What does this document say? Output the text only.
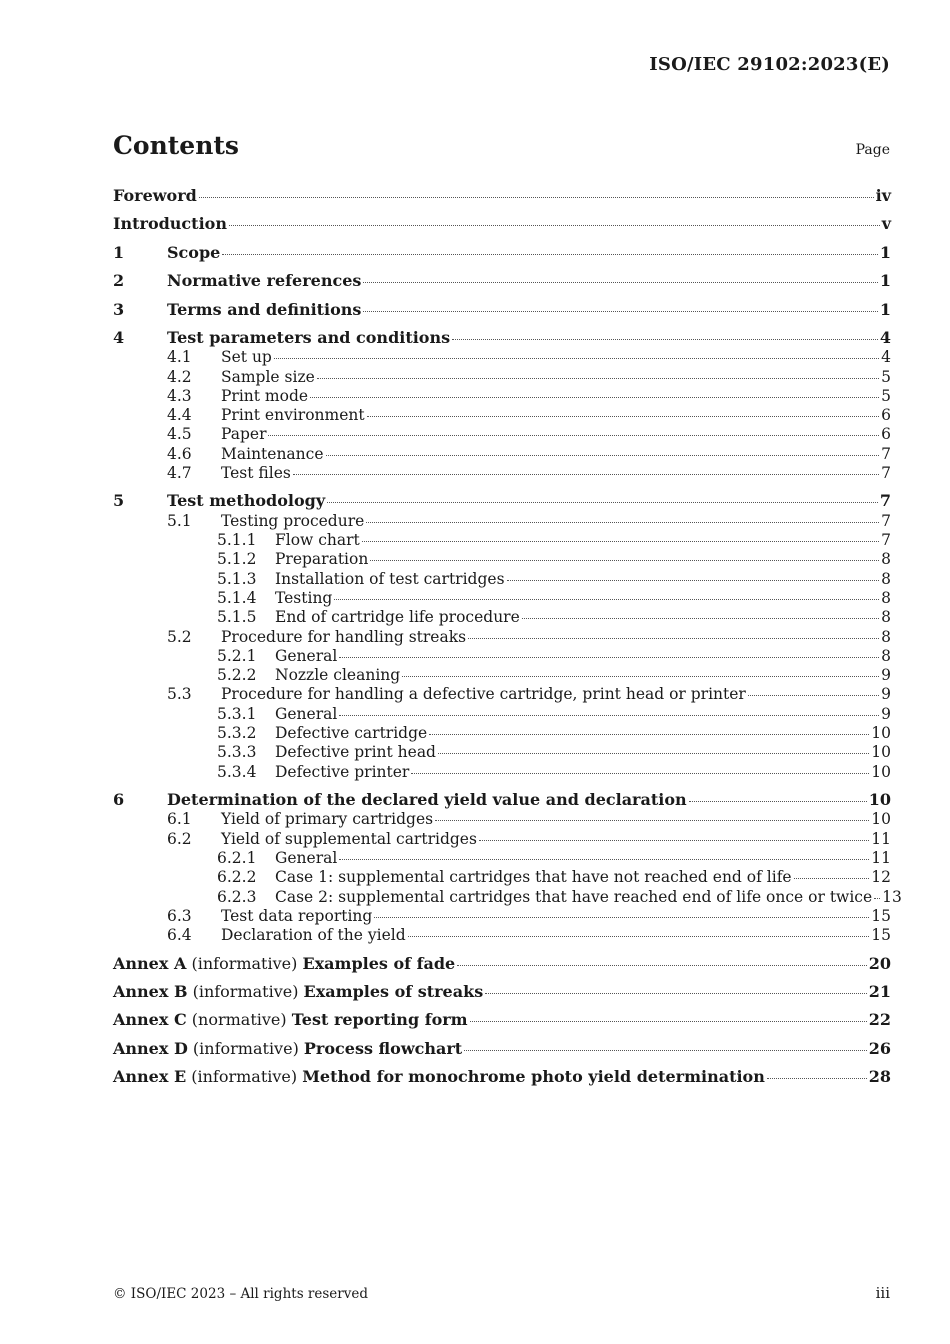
ISO/IEC 29102:2023(E)
Contents	Page
Foreword	iv
Introduction	v
1	Scope	1
2	Normative references	1
3	Terms and definitions	1
4	Test parameters and conditions	4
4.1	Set up	4
4.2	Sample size	5
4.3	Print mode	5
4.4	Print environment	6
4.5	Paper	6
4.6	Maintenance	7
4.7	Test files	7
5	Test methodology	7
5.1	Testing procedure	7
5.1.1	Flow chart	7
5.1.2	Preparation	8
5.1.3	Installation of test cartridges	8
5.1.4	Testing	8
5.1.5	End of cartridge life procedure	8
5.2	Procedure for handling streaks	8
5.2.1	General	8
5.2.2	Nozzle cleaning	9
5.3	Procedure for handling a defective cartridge, print head or printer	9
5.3.1	General	9
5.3.2	Defective cartridge	10
5.3.3	Defective print head	10
5.3.4	Defective printer	10
6	Determination of the declared yield value and declaration	10
6.1	Yield of primary cartridges	10
6.2	Yield of supplemental cartridges	11
6.2.1	General	11
6.2.2	Case 1: supplemental cartridges that have not reached end of life	12
6.2.3	Case 2: supplemental cartridges that have reached end of life once or twice 13
6.3	Test data reporting	15
6.4	Declaration of the yield	15
Annex A (informative) Examples of fade	20
Annex B (informative) Examples of streaks	21
Annex C (normative) Test reporting form	22
Annex D (informative) Process flowchart	26
Annex E (informative) Method for monochrome photo yield determination	28
© ISO/IEC 2023 – All rights reserved	iii
